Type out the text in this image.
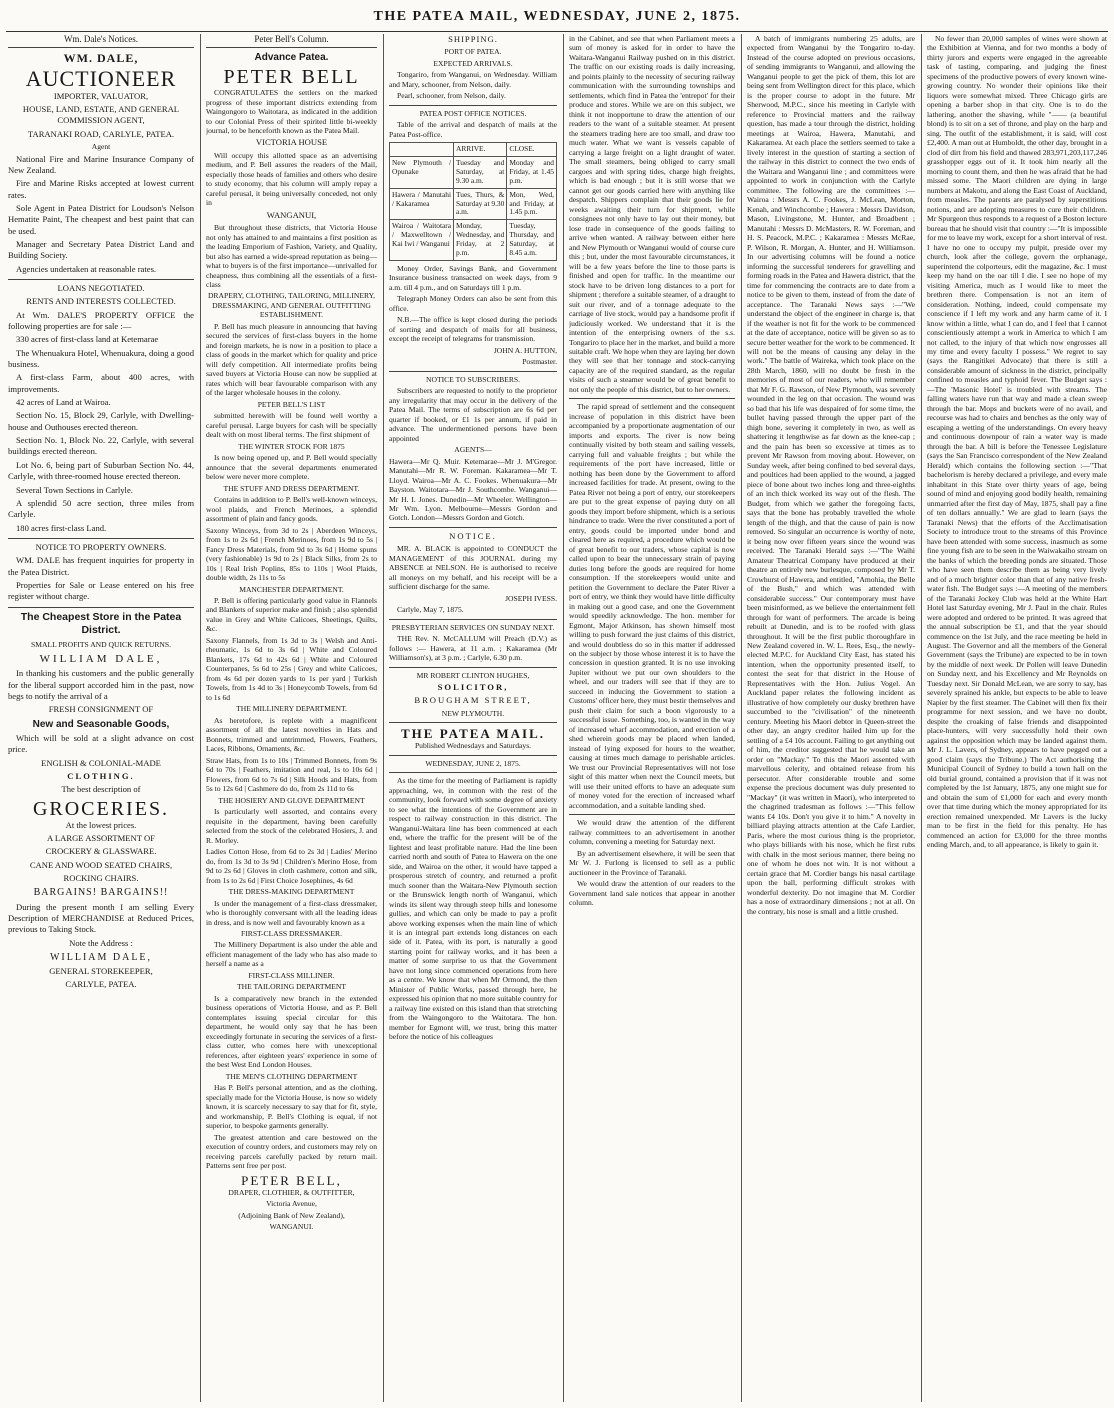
THE PATEA MAIL, WEDNESDAY, JUNE 2, 1875.
Wm. Dale's Notices.
WM. DALE,
AUCTIONEER

IMPORTER, VALUATOR,

HOUSE, LAND, ESTATE, AND GENERAL COMMISSION AGENT,

TARANAKI ROAD, CARLYLE, PATEA.

Agent

National Fire and Marine Insurance Company of New Zealand.

Fire and Marine Risks accepted at lowest current rates.

Sole Agent in Patea District for Loudson's Nelson Hematite Paint, The cheapest and best paint that can be used.

Manager and Secretary Patea District Land and Building Society.

Agencies undertaken at reasonable rates.

LOANS NEGOTIATED.

RENTS AND INTERESTS COLLECTED.

At Wm. DALE'S PROPERTY OFFICE the following properties are for sale :—

330 acres of first-class land at Ketemarae

The Whenuakura Hotel, Whenuakura, doing a good business.

A first-class Farm, about 400 acres, with improvements.

42 acres of Land at Wairoa.

Section No. 15, Block 29, Carlyle, with Dwelling-house and Outhouses erected thereon.

Section No. 1, Block No. 22, Carlyle, with several buildings erected thereon.

Lot No. 6, being part of Suburban Section No. 44, Carlyle, with three-roomed house erected thereon.

Several Town Sections in Carlyle.

A splendid 50 acre section, three miles from Carlyle.

180 acres first-class Land.

NOTICE TO PROPERTY OWNERS.

WM. DALE has frequent inquiries for property in the Patea District.

Properties for Sale or Lease entered on his free register without charge.

The Cheapest Store in the Patea District.

SMALL PROFITS AND QUICK RETURNS.

WILLIAM DALE,

In thanking his customers and the public generally for the liberal support accorded him in the past, now begs to notify the arrival of a

FRESH CONSIGNMENT OF

New and Seasonable Goods,

Which will be sold at a slight advance on cost price.

ENGLISH & COLONIAL-MADE

CLOTHING.

The best description of

GROCERIES.

At the lowest prices.

A LARGE ASSORTMENT OF

CROCKERY & GLASSWARE.

CANE AND WOOD SEATED CHAIRS,

ROCKING CHAIRS.

BARGAINS! BARGAINS!!

During the present month I am selling Every Description of MERCHANDISE at Reduced Prices, previous to Taking Stock.

Note the Address :

WILLIAM DALE,

GENERAL STOREKEEPER,

CARLYLE, PATEA.

Peter Bell's Column.

Advance Patea.

PETER BELL

CONGRATULATES the settlers on the marked progress of these important districts extending from Waingongoro to Waitotara, as indicated in the addition to our Colonial Press of their spirited little bi-weekly journal, to be henceforth known as the Patea Mail.

VICTORIA HOUSE

Will occupy this allotted space as an advertising medium, and P. Bell assures the readers of the Mail, especially those heads of families and others who desire to study economy, that his column will amply repay a careful perusal, it being universally conceded, not only in

WANGANUI,

But throughout these districts, that Victoria House not only has attained to and maintains a first position as the leading Emporium of Fashion, Variety, and Quality, but also has earned a wide-spread reputation as being—what to buyers is of the first importance—unrivalled for cheapness, thus combining all the essentials of a first-class

DRAPERY, CLOTHING, TAILORING, MILLINERY, DRESSMAKING, AND GENERAL OUTFITTING ESTABLISHMENT.

P. Bell has much pleasure in announcing that having secured the services of first-class buyers in the home and foreign markets, he is now in a position to place a class of goods in the market which for quality and price will defy competition. All intermediate profits being saved buyers at Victoria House can now be supplied at rates which will bear favourable comparison with any of the larger wholesale houses in the colony.

PETER BELL'S LIST

submitted herewith will be found well worthy a careful perusal. Large buyers for cash will be specially dealt with on most liberal terms. The first shipment of

THE WINTER STOCK FOR 1875

Is now being opened up, and P. Bell would specially announce that the several departments enumerated below were never more complete.

THE STUFF AND DRESS DEPARTMENT.

Contains in addition to P. Bell's well-known winceys, wool plaids, and French Merinoes, a splendid assortment of plain and fancy goods.

Saxony Winceys, from 3d to 2s | Aberdeen Winceys, from 1s to 2s 6d | French Merinoes, from 1s 9d to 5s | Fancy Dress Materials, from 9d to 3s 6d | Home spuns (very fashionable) 1s 9d to 2s | Black Silks, from 2s to 10s | Real Irish Poplins, 85s to 110s | Wool Plaids, double width, 2s 11s to 5s

MANCHESTER DEPARTMENT.

P. Bell is offering particularly good value in Flannels and Blankets of superior make and finish ; also splendid value in Grey and White Calicoes, Sheetings, Quilts, &c.

Saxony Flannels, from 1s 3d to 3s | Welsh and Anti-rheumatic, 1s 6d to 3s 6d | White and Coloured Blankets, 17s 6d to 42s 6d | White and Coloured Counterpanes, 5s 6d to 25s | Grey and white Calicoes, from 4s 6d per dozen yards to 1s per yard | Turkish Towels, from 1s 4d to 3s | Honeycomb Towels, from 6d to 1s 6d

THE MILLINERY DEPARTMENT.

As heretofore, is replete with a magnificent assortment of all the latest novelties in Hats and Bonnets, trimmed and untrimmed, Flowers, Feathers, Laces, Ribbons, Ornaments, &c.

Straw Hats, from 1s to 10s | Trimmed Bonnets, from 9s 6d to 70s | Feathers, imitation and real, 1s to 10s 6d | Flowers, from 6d to 7s 6d | Silk Hoods and Hats, from 5s to 12s 6d | Cashmere do do, from 2s 11d to 6s

THE HOSIERY AND GLOVE DEPARTMENT

Is particularly well assorted, and contains every requisite in the department, having been carefully selected from the stock of the celebrated Hosiers, J. and R. Morley.

Ladies Cotton Hose, from 6d to 2s 3d | Ladies' Merino do, from 1s 3d to 3s 9d | Children's Merino Hose, from 9d to 2s 6d | Gloves in cloth cashmere, cotton and silk, from 1s to 2s 6d | First Choice Josephines, 4s 6d

THE DRESS-MAKING DEPARTMENT

Is under the management of a first-class dressmaker, who is thoroughly conversant with all the leading ideas in dress, and is now well and favourably known as a

FIRST-CLASS DRESSMAKER.

The Millinery Department is also under the able and efficient management of the lady who has also made to herself a name as a

FIRST-CLASS MILLINER.

THE TAILORING DEPARTMENT

Is a comparatively new branch in the extended business operations of Victoria House, and as P. Bell contemplates issuing special circular for this department, he would only say that he has been exceedingly fortunate in securing the services of a first-class cutter, who comes here with unexceptional references, after eighteen years' experience in some of the best West End London Houses.

THE MEN'S CLOTHING DEPARTMENT

Has P. Bell's personal attention, and as the clothing, specially made for the Victoria House, is now so widely known, it is scarcely necessary to say that for fit, style, and workmanship, P. Bell's Clothing is equal, if not superior, to bespoke garments generally.

The greatest attention and care bestowed on the execution of country orders, and customers may rely on receiving parcels carefully packed by return mail. Patterns sent free per post.

PETER BELL,

DRAPER, CLOTHIER, & OUTFITTER,

Victoria Avenue,

(Adjoining Bank of New Zealand),

WANGANUI.

SHIPPING.

PORT OF PATEA.

EXPECTED ARRIVALS.

Tongariro, from Wanganui, on Wednesday. William and Mary, schooner, from Nelson, daily.

Pearl, schooner, from Nelson, daily.

PATEA POST OFFICE NOTICES.

Table of the arrival and despatch of mails at the Patea Post-office.

	ARRIVE.	CLOSE.
New Plymouth / Opunake	Tuesday and Saturday, at 9.30 a.m.	Monday and Friday, at 1.45 p.m.
Hawera / Manutahi / Kakaramea	Tues, Thurs, & Saturday at 9.30 a.m.	Mon, Wed, and Friday, at 1.45 p.m.
Wairoa / Waitotara / Maxwelltown / Kai Iwi / Wanganui	Monday, Wednesday, and Friday, at 2 p.m.	Tuesday, Thursday, and Saturday, at 8.45 a.m.

Money Order, Savings Bank, and Government Insurance business transacted on week days, from 9 a.m. till 4 p.m., and on Saturdays till 1 p.m.

Telegraph Money Orders can also be sent from this office.

N.B.—The office is kept closed during the periods of sorting and despatch of mails for all business, except the receipt of telegrams for transmission.

JOHN A. HUTTON,

Postmaster.

NOTICE TO SUBSCRIBERS.

Subscribers are requested to notify to the proprietor any irregularity that may occur in the delivery of the Patea Mail. The terms of subscription are 6s 6d per quarter if booked, or £1 1s per annum, if paid in advance. The undermentioned persons have been appointed

AGENTS—

Hawera—Mr Q. Muir. Ketemarae—Mr J. M'Gregor. Manutahi—Mr R. W. Foreman. Kakaramea—Mr T. Lloyd. Wairoa—Mr A. C. Fookes. Whenuakura—Mr Bayston. Waitotara—Mr J. Southcombe. Wanganui—Mr H. I. Jones. Dunedin—Mr Wheeler. Wellington—Mr Wm. Lyon. Melbourne—Messrs Gordon and Gotch. London—Messrs Gordon and Gotch.

NOTICE.

MR. A. BLACK is appointed to CONDUCT the MANAGEMENT of this JOURNAL during my ABSENCE at NELSON. He is authorised to receive all moneys on my behalf, and his receipt will be a sufficient discharge for the same.

JOSEPH IVESS.

Carlyle, May 7, 1875.

PRESBYTERIAN SERVICES ON SUNDAY NEXT.

THE Rev. N. McCALLUM will Preach (D.V.) as follows :— Hawera, at 11 a.m. ; Kakaramea (Mr Williamson's), at 3 p.m. ; Carlyle, 6.30 p.m.

MR ROBERT CLINTON HUGHES,

SOLICITOR,

BROUGHAM STREET,

NEW PLYMOUTH.

THE PATEA MAIL.

Published Wednesdays and Saturdays.

WEDNESDAY, JUNE 2, 1875.

As the time for the meeting of Parliament is rapidly approaching, we, in common with the rest of the community, look forward with some degree of anxiety to see what the intentions of the Government are in respect to railway construction in this district. The Wanganui-Waitara line has been commenced at each end, where the traffic for the present will be of the lightest and least profitable nature. Had the line been carried north and south of Patea to Hawera on the one side, and Wairoa on the other, it would have tapped a prosperous stretch of country, and returned a profit much sooner than the Waitara-New Plymouth section or the Brunswick length north of Wanganui, which winds its silent way through steep hills and lonesome gullies, and which can only be made to pay a profit above working expenses when the main line of which it is an integral part extends long distances on each side of it. Patea, with its port, is naturally a good starting point for railway works, and it has been a matter of some surprise to us that the Government have not long since commenced operations from here as a centre. We know that when Mr Ormond, the then Minister of Public Works, passed through here, he expressed his opinion that no more suitable country for a railway line existed on this island than that stretching from the Waingongoro to the Waitotara. The hon. member for Egmont will, we trust, bring this matter before the notice of his colleagues

in the Cabinet, and see that when Parliament meets a sum of money is asked for in order to have the Waitara-Wanganui Railway pushed on in this district. The traffic on our existing roads is daily increasing, and points plainly to the necessity of securing railway communication with the surrounding townships and settlements, which find in Patea the 'entrepot' for their produce and stores. While we are on this subject, we think it not inopportune to draw the attention of our readers to the want of a suitable steamer. At present the steamers trading here are too small, and draw too much water. What we want is vessels capable of carrying a large freight on a light draught of water. The small steamers, being obliged to carry small cargoes and with spring tides, charge high freights, which is bad enough ; but it is still worse that we cannot get our goods carried here with anything like despatch. Shippers complain that their goods lie for weeks awaiting their turn for shipment, while consignees not only have to lay out their money, but lose trade in consequence of the goods failing to arrive when wanted. A railway between either here and New Plymouth or Wanganui would of course cure this ; but, under the most favourable circumstances, it will be a few years before the line to those parts is finished and open for traffic. In the meantime our stock have to be driven long distances to a port for shipment ; therefore a suitable steamer, of a draught to suit our river, and of a tonnage adequate to the carriage of live stock, would pay a handsome profit if judiciously worked. We understand that it is the intention of the enterprising owners of the s.s. Tongariro to place her in the market, and build a more suitable craft. We hope when they are laying her down they will see that her tonnage and stock-carrying capacity are of the required standard, as the regular visits of such a steamer would be of great benefit to not only the people of this district, but to her owners.

The rapid spread of settlement and the consequent increase of population in this district have been accompanied by a proportionate augmentation of our imports and exports. The river is now being continually visited by both steam and sailing vessels, carrying full and valuable freights ; but while the requirements of the port have increased, little or nothing has been done by the Government to afford increased facilities for trade. At present, owing to the Patea River not being a port of entry, our storekeepers are put to the great expense of paying duty on all goods they import before shipment, which is a serious hindrance to trade. Were the river constituted a port of entry, goods could be imported under bond and cleared here as required, a procedure which would be of great benefit to our traders, whose capital is now called upon to bear the unnecessary strain of paying duties long before the goods are required for home consumption. If the storekeepers would unite and petition the Government to declare the Pater River a port of entry, we think they would have little difficulty in making out a good case, and one the Government would speedily acknowledge. The hon. member for Egmont, Major Atkinson, has shown himself most willing to push forward the just claims of this district, and would doubtless do so in this matter if addressed on the subject by those whose interest it is to have the concession in question granted. It is no use invoking Jupiter without we put our own shoulders to the wheel, and our traders will see that if they are to succeed in inducing the Government to station a Customs' officer here, they must bestir themselves and push their claim for such a boon vigorously to a successful issue. Something, too, is wanted in the way of increased wharf accommodation, and erection of a shed wherein goods may be placed when landed, instead of lying exposed for hours to the weather, causing at times much damage to perishable articles. We trust our Provincial Representatives will not lose sight of this matter when next the Council meets, but will use their united efforts to have an adequate sum of money voted for the erection of increased wharf accommodation, and a suitable landing shed.

We would draw the attention of the different railway committees to an advertisement in another column, convening a meeting for Saturday next.

By an advertisement elsewhere, it will be seen that Mr W. J. Furlong is licensed to sell as a public auctioneer in the Province of Taranaki.

We would draw the attention of our readers to the Government land sale notices that appear in another column.

A batch of immigrants numbering 25 adults, are expected from Wanganui by the Tongariro to-day. Instead of the course adopted on previous occasions, of sending immigrants to Wanganui, and allowing the Wanganui people to get the pick of them, this lot are being sent from Wellington direct for this place, which is the proper course to adopt in the future. Mr Sherwood, M.P.C., since his meeting in Carlyle with reference to Provincial matters and the railway question, has made a tour through the district, holding meetings at Wairoa, Hawera, Manutahi, and Kakaramea. At each place the settlers seemed to take a lively interest in the question of starting a section of the railway in this district to connect the two ends of the Waitara and Wanganui line ; and committees were appointed to work in conjunction with the Carlyle committee. The following are the committees :—Wairoa : Messrs A. C. Fookes, J. McLean, Morton, Kenah, and Winchcombe ; Hawera : Messrs Davidson, Mason, Livingstone, M. Hunter, and Broadbent ; Manutahi : Messrs D. McMasters, R. W. Foreman, and H. S. Peacock, M.P.C. ; Kakaramea : Messrs McRae, P. Wilson, R. Morgan, A. Hunter, and H. Williamson. In our advertising columns will be found a notice informing the successful tenderers for gravelling and forming roads in the Patea and Hawera district, that the time for commencing the contracts are to date from a notice to be given to them, instead of from the date of acceptance. The Taranaki News says :—"We understand the object of the engineer in charge is, that if the weather is not fit for the work to be commenced at the date of acceptance, notice will be given so as to secure better weather for the work to be commenced. It will not be the means of causing any delay in the work." The battle of Waireka, which took place on the 28th March, 1860, will no doubt be fresh in the memories of most of our readers, who will remember that Mr F. G. Rawson, of New Plymouth, was severely wounded in the leg on that occasion. The wound was so bad that his life was despaired of for some time, the bullet having passed through the upper part of the thigh bone, severing it completely in two, as well as shattering it lengthwise as far down as the knee-cap ; and the pain has been so excessive at times as to prevent Mr Rawson from moving about. However, on Sunday week, after being confined to bed several days, and poultices had been applied to the wound, a jagged piece of bone about two inches long and three-eighths of an inch thick worked its way out of the flesh. The Budget, from which we gather the foregoing facts, says that the bone has probably travelled the whole length of the thigh, and that the cause of pain is now removed. So singular an occurrence is worthy of note, it being now over fifteen years since the wound was received. The Taranaki Herald says :—"The Waihi Amateur Theatrical Company have produced at their theatre an entirely new burlesque, composed by Mr T. Crowhurst of Hawera, and entitled, "Amohia, the Belle of the Bush," and which was attended with considerable success." Our contemporary must have been misinformed, as we believe the entertainment fell through for want of performers. The arcade is being rebuilt at Dunedin, and is to be roofed with glass throughout. It will be the first public thoroughfare in New Zealand covered in. W. L. Rees, Esq., the newly-elected M.P.C. for Auckland City East, has stated his intention, when the opportunity presented itself, to contest the seat for that district in the House of Representatives with the Hon. Julius Vogel. An Auckland paper relates the following incident as illustrative of how completely our dusky brethren have succumbed to the "civilisation" of the nineteenth century. Meeting his Maori debtor in Queen-street the other day, an angry creditor hailed him up for the settling of a £4 10s account. Failing to get anything out of him, the creditor suggested that he would take an order on "Mackay." To this the Maori assented with marvellous celerity, and obtained release from his persecutor. After considerable trouble and some expense the precious document was duly presented to "Mackay" (it was written in Maori), who interpreted to the chagrined tradesman as follows :—"This fellow wants £4 10s. Don't you give it to him." A novelty in billiard playing attracts attention at the Cafe Lardier, Paris, where the most curious thing is the proprietor, who plays billiards with his nose, which he first rubs with chalk in the most serious manner, there being no one of whom he does not win. It is not without a certain grace that M. Cordier bangs his nasal cartilage upon the ball, performing difficult strokes with wonderful dexterity. Do not imagine that M. Cordier has a nose of extraordinary dimensions ; not at all. On the contrary, his nose is small and a little crushed.

No fewer than 20,000 samples of wines were shown at the Exhibition at Vienna, and for two months a body of thirty jurors and experts were engaged in the agreeable task of tasting, comparing, and judging the finest specimens of the productive powers of every known wine-growing country. No wonder their opinions like their liquors were somewhat mixed. Three Chicago girls are opening a barber shop in that city. One is to do the lathering, another the shaving, while "—— (a beautiful blond) is to sit on a set of throne, and play on the harp and sing. The outfit of the establishment, it is said, will cost £2,400. A man out at Humboldt, the other day, brought in a clod of dirt from his field and thawed 283,971,203,117,246 grasshopper eggs out of it. It took him nearly all the morning to count them, and then he was afraid that he had missed some. The Maori children are dying in large numbers at Makotu, and along the East Coast of Auckland, from measles. The parents are paralysed by superstitious notions, and are adopting measures to cure their children. Mr Spurgeon thus responds to a request of a Boston lecture bureau that he should visit that country :—"It is impossible for me to leave my work, except for a short interval of rest. I have no one to occupy my pulpit, preside over my church, look after the college, govern the orphanage, superintend the colporteurs, edit the magazine, &c. I must keep my hand on the oar till I die. I see no hope of my visiting America, much as I would like to meet the brethren there. Compensation is not an item of consideration. Nothing, indeed, could compensate my conscience if I left my work and any harm came of it. I know within a little, what I can do, and I feel that I cannot conscientiously attempt a work in America to which I am not called, to the injury of that which now engrosses all my time and every faculty I possess." We regret to say (says the Rangitikei Advocate) that there is still a considerable amount of sickness in the district, principally confined to measles and typhoid fever. The Budget says :—The 'Masonic Hotel' is troubled with streams. The falling waters have run that way and made a clean sweep through the bar. Mops and buckets were of no avail, and recourse was had to chairs and benches as the only way of escaping a wetting of the understandings. On every heavy and continuous downpour of rain a water way is made through the bar. A bill is before the Tenessee Legislature (says the San Francisco correspondent of the New Zealand Herald) which contains the following section :—"That bachelorism is hereby declared a privilege, and every male inhabitant in this State over thirty years of age, being sound of mind and enjoying good bodily health, remaining unmarried after the first day of May, 1875, shall pay a fine of ten dollars annually." We are glad to learn (says the Taranaki News) that the efforts of the Acclimatisation Society to introduce trout to the streams of this Province have been attended with some success, inasmuch as some fine young fish are to be seen in the Waiwakaiho stream on the banks of which the breeding ponds are situated. Those who have seen them describe them as being very lively and of a much brighter color than that of any native fresh-water fish. The Budget says :—A meeting of the members of the Taranaki Jockey Club was held at the White Hart Hotel last Saturday evening, Mr J. Paul in the chair. Rules were adopted and ordered to be printed. It was agreed that the annual subscription be £1, and that the year should commence on the 1st July, and the race meeting be held in August. The Governor and all the members of the General Government (says the Tribune) are expected to be in town by the middle of next week. Dr Pollen will leave Dunedin on Sunday next, and his Excellency and Mr Reynolds on Tuesday next. Sir Donald McLean, we are sorry to say, has severely sprained his ankle, but expects to be able to leave Napier by the first steamer. The Cabinet will then fix their programme for next session, and we have no doubt, despite the croaking of false friends and disappointed place-hunters, will very successfully hold their own against the opposition which may be landed against them. Mr J. L. Lavers, of Sydney, appears to have pegged out a good claim (says the Tribune.) The Act authorising the Municipal Council of Sydney to build a town hall on the old burial ground, contained a provision that if it was not completed by the 1st January, 1875, any one might sue for and obtain the sum of £1,000 for each and every month over that time during which the money appropriated for its erection remained unexpended. Mr Lavers is the lucky man to be first in the field for this penalty. He has commenced an action for £3,000 for the three months ending March, and, to all appearance, is likely to gain it.
